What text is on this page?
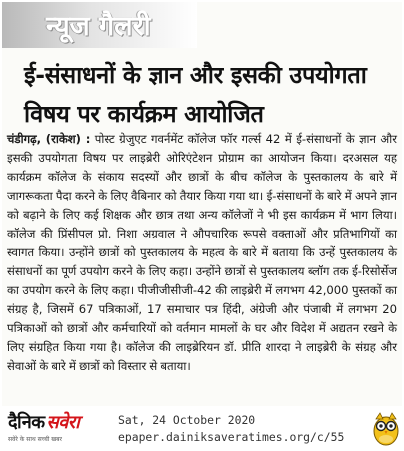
न्यूज गैलरी
ई-संसाधनों के ज्ञान और इसकी उपयोगता विषय पर कार्यक्रम आयोजित

चंडीगढ़, (राकेश) : पोस्ट ग्रेजुएट गवर्नमेंट कॉलेज फॉर गर्ल्स 42 में ई-संसाधनों के ज्ञान और इसकी उपयोगता विषय पर लाइब्रेरी ओरिएंटेशन प्रोग्राम का आयोजन किया। दरअसल यह कार्यक्रम कॉलेज के संकाय सदस्यों और छात्रों के बीच कॉलेज के पुस्तकालय के बारे में जागरूकता पैदा करने के लिए वैबिनार को तैयार किया गया था। ई-संसाधनों के बारे में अपने ज्ञान को बढ़ाने के लिए कई शिक्षक और छात्र तथा अन्य कॉलेजों ने भी इस कार्यक्रम में भाग लिया। कॉलेज की प्रिंसीपल प्रो. निशा अग्रवाल ने औपचारिक रूपसे वक्ताओं और प्रतिभागियों का स्वागत किया। उन्होंने छात्रों को पुस्तकालय के महत्व के बारे में बताया कि उन्हें पुस्तकालय के संसाधनों का पूर्ण उपयोग करने के लिए कहा। उन्होंने छात्रों से पुस्तकालय ब्लॉग तक ई-रिसोर्सेज का उपयोग करने के लिए कहा। पीजीजीसीजी-42 की लाइब्रेरी में लगभग 42,000 पुस्तकों का संग्रह है, जिसमें 67 पत्रिकाओं, 17 समाचार पत्र हिंदी, अंग्रेजी और पंजाबी में लगभग 20 पत्रिकाओं को छात्रों और कर्मचारियों को वर्तमान मामलों के घर और विदेश में अद्यतन रखने के लिए संग्रहित किया गया है। कॉलेज की लाइब्रेरियन डॉ. प्रीति शारदा ने लाइब्रेरी के संग्रह और सेवाओं के बारे में छात्रों को विस्तार से बताया।

दैनिक सवेरा
सवेरे के साथ सच्ची खबर
Sat, 24 October 2020
epaper.dainiksaveratimes.org/c/55
